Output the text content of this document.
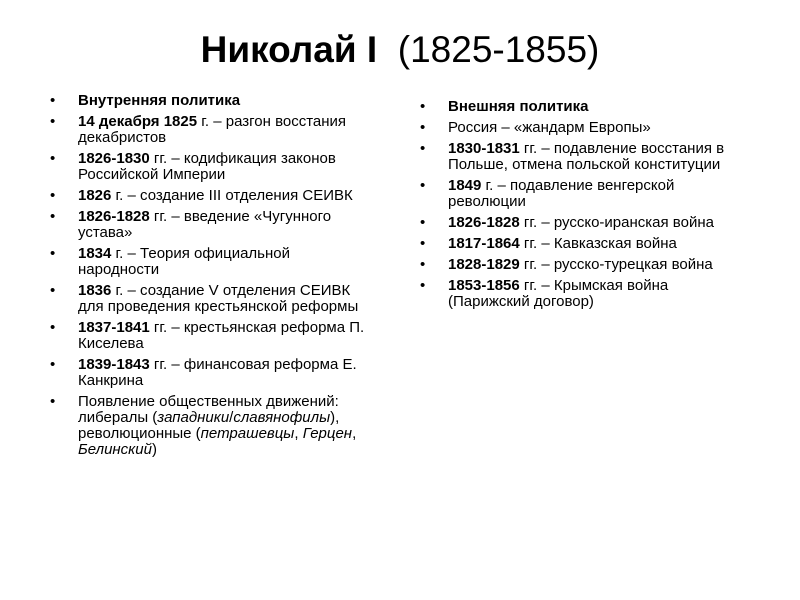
Николай I (1825-1855)
• Внутренняя политика
• 14 декабря 1825 г. – разгон восстания декабристов
• 1826-1830 гг. – кодификация законов Российской Империи
• 1826 г. – создание III отделения СЕИВК
• 1826-1828 гг. – введение «Чугунного устава»
• 1834 г. – Теория официальной народности
• 1836 г. – создание V отделения СЕИВК для проведения крестьянской реформы
• 1837-1841 гг. – крестьянская реформа П. Киселева
• 1839-1843 гг. – финансовая реформа Е. Канкрина
• Появление общественных движений: либералы (западники/славянофилы), революционные (петрашевцы, Герцен, Белинский)
• Внешняя политика
• Россия – «жандарм Европы»
• 1830-1831 гг. – подавление восстания в Польше, отмена польской конституции
• 1849 г. – подавление венгерской революции
• 1826-1828 гг. – русско-иранская война
• 1817-1864 гг. – Кавказская война
• 1828-1829 гг. – русско-турецкая война
• 1853-1856 гг. – Крымская война (Парижский договор)
